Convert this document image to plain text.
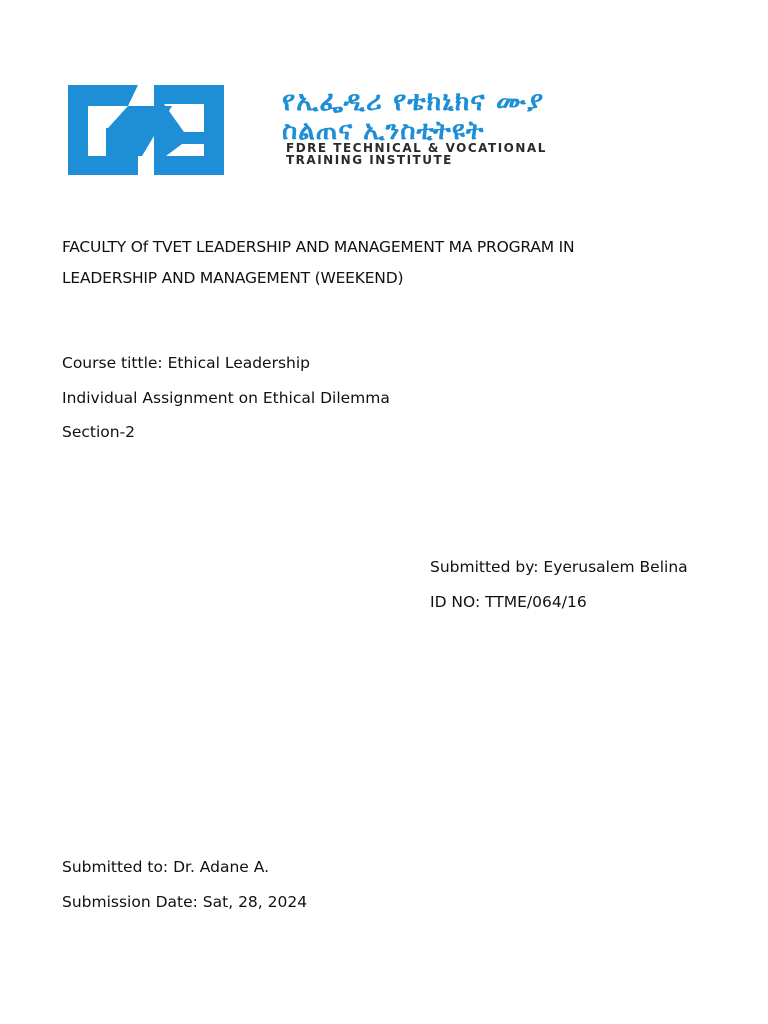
የኢፌዲሪ የቴክኒክና ሙያ
ስልጠና ኢንስቲትዩት
FDRE TECHNICAL & VOCATIONAL
TRAINING INSTITUTE
FACULTY Of TVET LEADERSHIP AND MANAGEMENT MA PROGRAM IN
LEADERSHIP AND MANAGEMENT (WEEKEND)
Course tittle: Ethical Leadership
Individual Assignment on Ethical Dilemma
Section-2
Submitted by: Eyerusalem Belina
ID NO: TTME/064/16
Submitted to: Dr. Adane A.
Submission Date: Sat, 28, 2024
